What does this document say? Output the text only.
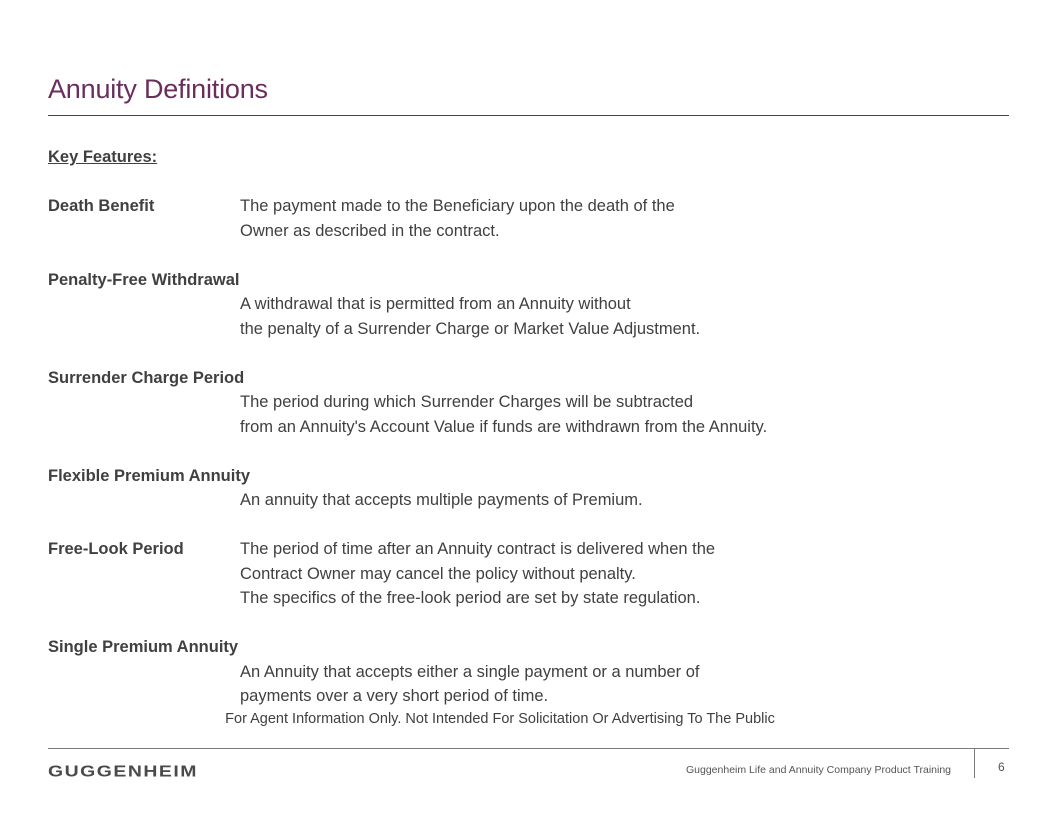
Annuity Definitions
Key Features:
Death Benefit	The payment made to the Beneficiary upon the death of the
Owner as described in the contract.
Penalty-Free Withdrawal
A withdrawal that is permitted from an Annuity without
the penalty of a Surrender Charge or Market Value Adjustment.
Surrender Charge Period
The period during which Surrender Charges will be subtracted
from an Annuity's Account Value if funds are withdrawn from the Annuity.
Flexible Premium Annuity
An annuity that accepts multiple payments of Premium.
Free-Look Period	The period of time after an Annuity contract is delivered when the
Contract Owner may cancel the policy without penalty.
The specifics of the free-look period are set by state regulation.
Single Premium Annuity
An Annuity that accepts either a single payment or a number of
payments over a very short period of time.
For Agent Information Only. Not Intended For Solicitation Or Advertising To The Public
GUGGENHEIM	Guggenheim Life and Annuity Company Product Training	6
